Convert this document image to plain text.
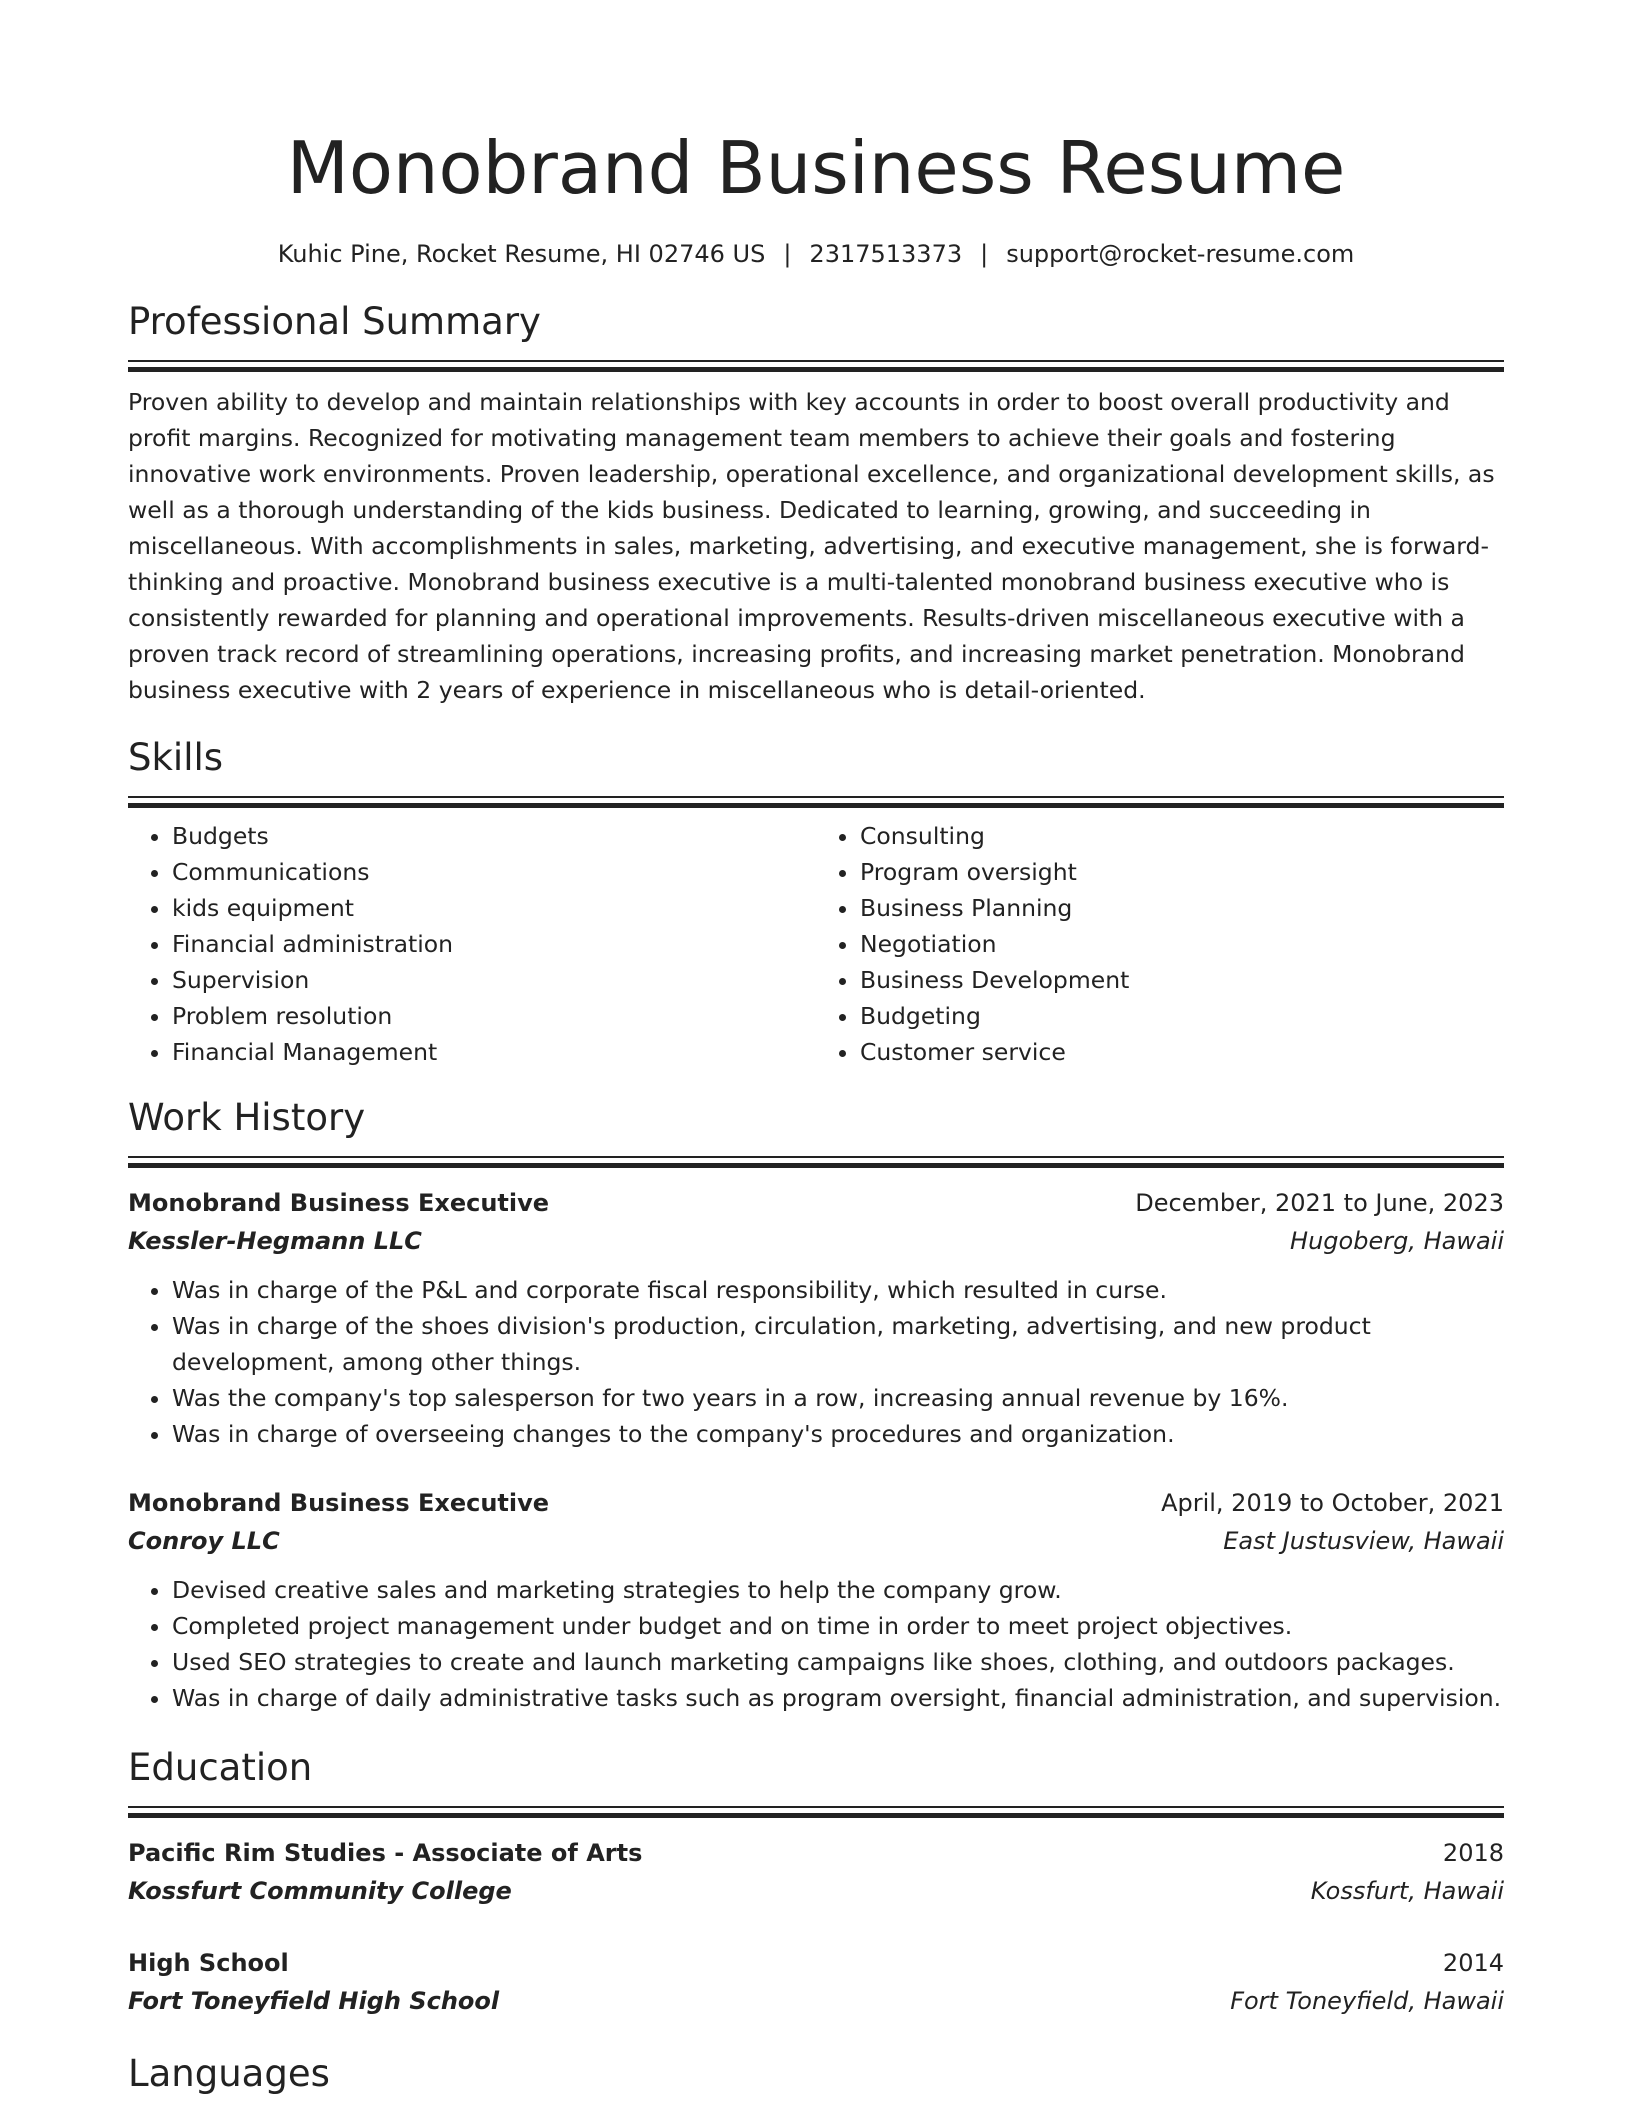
Monobrand Business Resume
Kuhic Pine, Rocket Resume, HI 02746 US | 2317513373 | support@rocket-resume.com
Professional Summary

Proven ability to develop and maintain relationships with key accounts in order to boost overall productivity and profit margins. Recognized for motivating management team members to achieve their goals and fostering innovative work environments. Proven leadership, operational excellence, and organizational development skills, as well as a thorough understanding of the kids business. Dedicated to learning, growing, and succeeding in miscellaneous. With accomplishments in sales, marketing, advertising, and executive management, she is forward-thinking and proactive. Monobrand business executive is a multi-talented monobrand business executive who is consistently rewarded for planning and operational improvements. Results-driven miscellaneous executive with a proven track record of streamlining operations, increasing profits, and increasing market penetration. Monobrand business executive with 2 years of experience in miscellaneous who is detail-oriented.

Skills
• Budgets
• Communications
• kids equipment
• Financial administration
• Supervision
• Problem resolution
• Financial Management
• Consulting
• Program oversight
• Business Planning
• Negotiation
• Business Development
• Budgeting
• Customer service
Work History
Monobrand Business Executive	December, 2021 to June, 2023
Kessler-Hegmann LLC	Hugoberg, Hawaii
• Was in charge of the P&L and corporate fiscal responsibility, which resulted in curse.
• Was in charge of the shoes division's production, circulation, marketing, advertising, and new product development, among other things.
• Was the company's top salesperson for two years in a row, increasing annual revenue by 16%.
• Was in charge of overseeing changes to the company's procedures and organization.
Monobrand Business Executive	April, 2019 to October, 2021
Conroy LLC	East Justusview, Hawaii
• Devised creative sales and marketing strategies to help the company grow.
• Completed project management under budget and on time in order to meet project objectives.
• Used SEO strategies to create and launch marketing campaigns like shoes, clothing, and outdoors packages.
• Was in charge of daily administrative tasks such as program oversight, financial administration, and supervision.
Education
Pacific Rim Studies - Associate of Arts	2018
Kossfurt Community College	Kossfurt, Hawaii
High School	2014
Fort Toneyfield High School	Fort Toneyfield, Hawaii
Languages
